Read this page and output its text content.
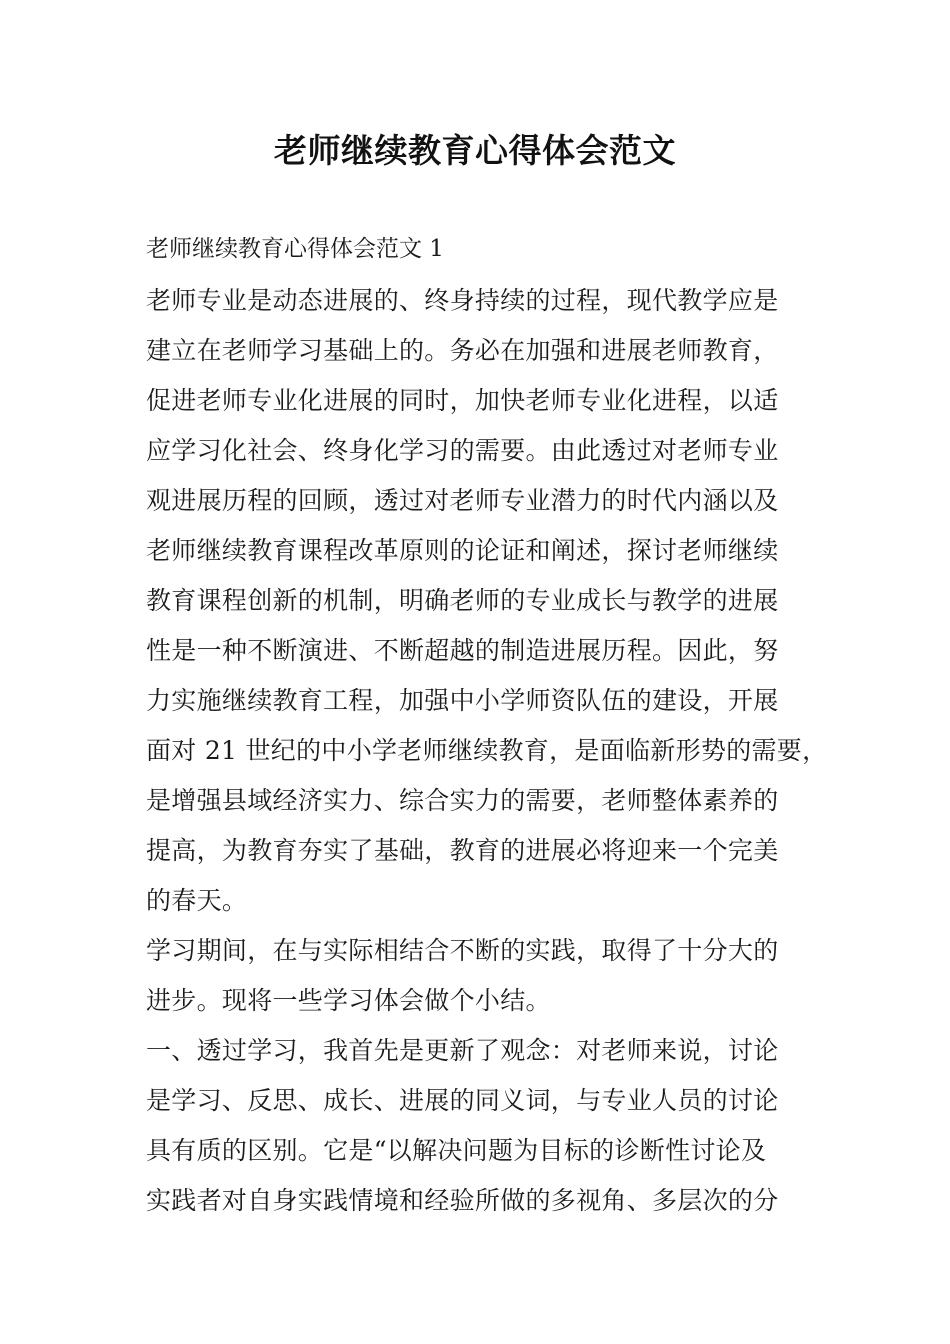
老师继续教育心得体会范文
老师继续教育心得体会范文 1
老师专业是动态进展的、终身持续的过程，现代教学应是
建立在老师学习基础上的。务必在加强和进展老师教育，
促进老师专业化进展的同时，加快老师专业化进程，以适
应学习化社会、终身化学习的需要。由此透过对老师专业
观进展历程的回顾，透过对老师专业潜力的时代内涵以及
老师继续教育课程改革原则的论证和阐述，探讨老师继续
教育课程创新的机制，明确老师的专业成长与教学的进展
性是一种不断演进、不断超越的制造进展历程。因此，努
力实施继续教育工程，加强中小学师资队伍的建设，开展
面对 21 世纪的中小学老师继续教育，是面临新形势的需要，
是增强县域经济实力、综合实力的需要，老师整体素养的
提高，为教育夯实了基础，教育的进展必将迎来一个完美
的春天。
学习期间，在与实际相结合不断的实践，取得了十分大的
进步。现将一些学习体会做个小结。
一、透过学习，我首先是更新了观念：对老师来说，讨论
是学习、反思、成长、进展的同义词，与专业人员的讨论
具有质的区别。它是“以解决问题为目标的诊断性讨论及
实践者对自身实践情境和经验所做的多视角、多层次的分
